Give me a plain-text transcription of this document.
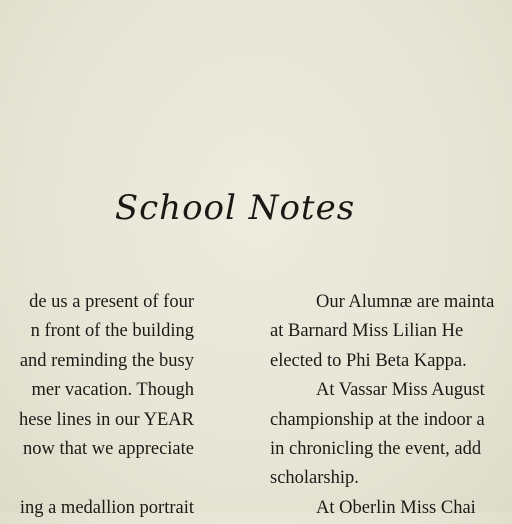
School Notes
de us a present of four
n front of the building
and reminding the busy
mer vacation. Though
hese lines in our YEAR
now that we appreciate
ing a medallion portrait
Our Alumnæ are mainta
at Barnard Miss Lilian He
elected to Phi Beta Kappa.
At Vassar Miss August
championship at the indoor a
in chronicling the event, add
scholarship.
At Oberlin Miss Chai
